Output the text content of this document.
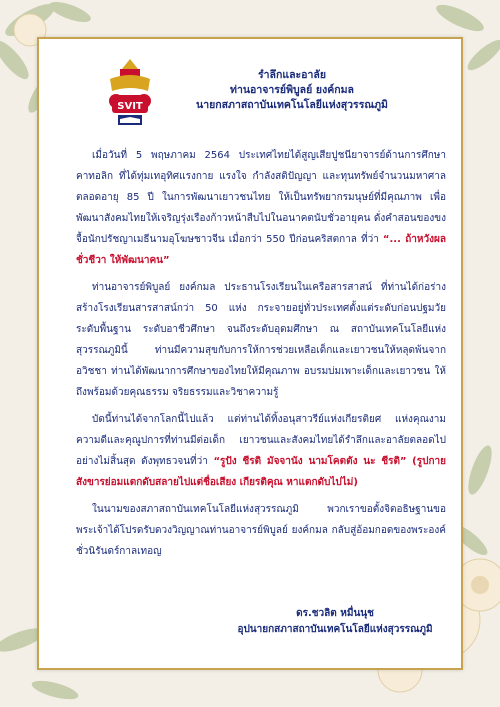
SVIT
รำลึกและอาลัย
ท่านอาจารย์พิบูลย์ ยงค์กมล
นายกสภาสถาบันเทคโนโลยีแห่งสุวรรณภูมิ

เมื่อวันที่ 5 พฤษภาคม 2564 ประเทศไทยได้สูญเสียปูชนียาจารย์ด้านการศึกษา คาทอลิก ที่ได้ทุ่มเทอุทิศแรงกาย แรงใจ กำลังสติปัญญา และทุนทรัพย์จำนวนมหาศาล ตลอดอายุ 85 ปี ในการพัฒนาเยาวชนไทย ให้เป็นทรัพยากรมนุษย์ที่มีคุณภาพ เพื่อพัฒนาสังคมไทยให้เจริญรุ่งเรืองก้าวหน้าสืบไปในอนาคตนับชั่วอายุคน ดั่งคำสอนของขงจื้อนักปรัชญาเมธีนามอุโฆษชาวจีน เมื่อกว่า 550 ปีก่อนคริสตกาล ที่ว่า “... ถ้าหวังผลชั่วชีวา ให้พัฒนาคน”

ท่านอาจารย์พิบูลย์ ยงค์กมล ประธานโรงเรียนในเครือสารสาสน์ ที่ท่านได้ก่อร่างสร้างโรงเรียนสารสาสน์กว่า 50 แห่ง กระจายอยู่ทั่วประเทศตั้งแต่ระดับก่อนปฐมวัย ระดับพื้นฐาน ระดับอาชีวศึกษา จนถึงระดับอุดมศึกษา ณ สถาบันเทคโนโลยีแห่งสุวรรณภูมินี้ ท่านมีความสุขกับการให้การช่วยเหลือเด็กและเยาวชนให้หลุดพ้นจากอวิชชา ท่านได้พัฒนาการศึกษาของไทยให้มีคุณภาพ อบรมบ่มเพาะเด็กและเยาวชน ให้ถึงพร้อมด้วยคุณธรรม จริยธรรมและวิชาความรู้

บัดนี้ท่านได้จากโลกนี้ไปแล้ว แต่ท่านได้ทิ้งอนุสาวรีย์แห่งเกียรติยศ แห่งคุณงามความดีและคุณูปการที่ท่านมีต่อเด็ก เยาวชนและสังคมไทยได้รำลึกและอาลัยตลอดไปอย่างไม่สิ้นสุด ดังพุทธวจนที่ว่า “รูปัง ชีรติ มัจจานัง นามโคตตัง นะ ชีรติ” (รูปกายสังขารย่อมแตกดับสลายไปแต่ชื่อเสียง เกียรติคุณ หาแตกดับไปไม่)

ในนามของสภาสถาบันเทคโนโลยีแห่งสุวรรณภูมิ พวกเราขอตั้งจิตอธิษฐานขอพระเจ้าได้โปรดรับดวงวิญญาณท่านอาจารย์พิบูลย์ ยงค์กมล กลับสู่อ้อมกอดของพระองค์ชั่วนิรันดร์กาลเทอญ

ดร.ชวลิต หมื่นนุช
อุปนายกสภาสถาบันเทคโนโลยีแห่งสุวรรณภูมิ
